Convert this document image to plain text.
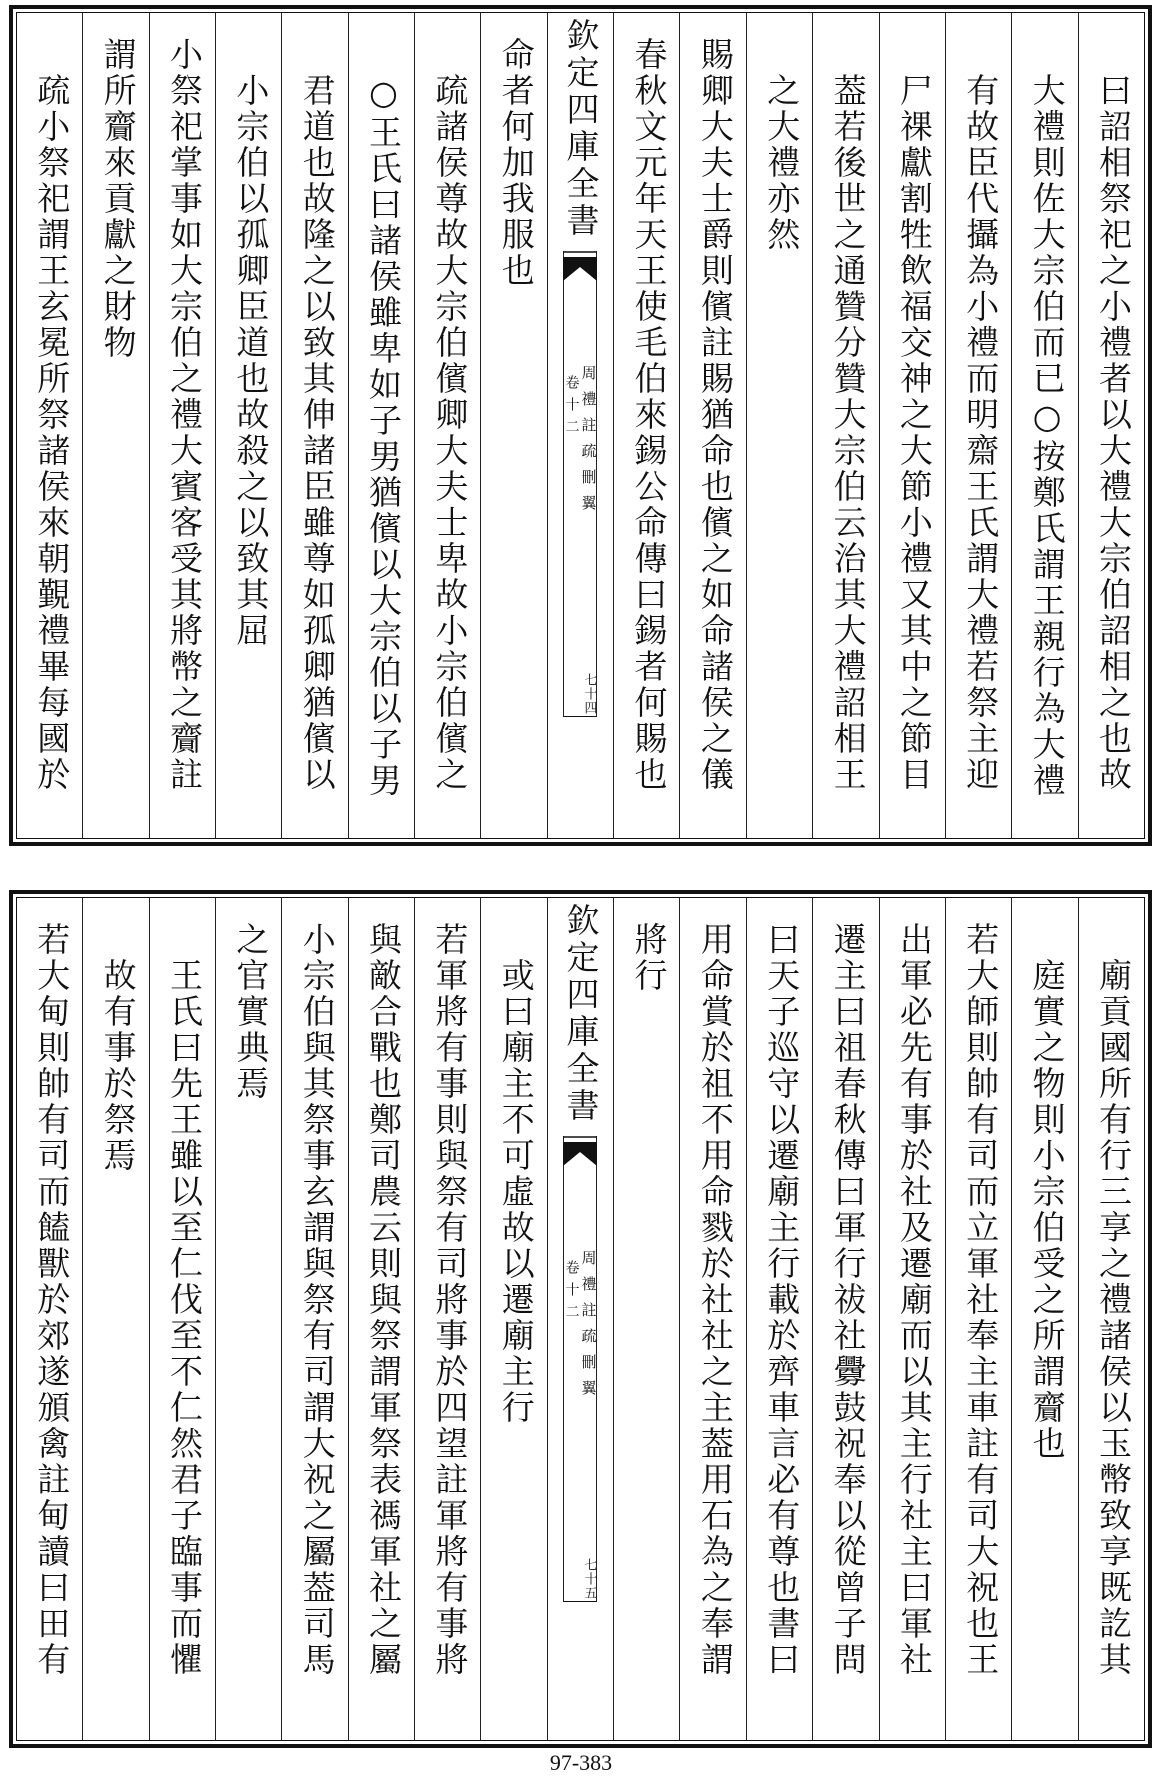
曰詔相祭祀之小禮者以大禮大宗伯詔相之也故
大禮則佐大宗伯而已○按鄭氏謂王親行為大禮
有故臣代攝為小禮而明齋王氏謂大禮若祭主迎
尸祼獻割牲飲福交神之大節小禮又其中之節目
葢若後世之通贊分贊大宗伯云治其大禮詔相王
之大禮亦然
賜卿大夫士爵則儐註賜猶命也儐之如命諸侯之儀
春秋文元年天王使毛伯來錫公命傳曰錫者何賜也
欽定四庫全書
周禮註疏刪翼
卷十二
七十四
命者何加我服也
疏諸侯尊故大宗伯儐卿大夫士卑故小宗伯儐之
○王氏曰諸侯雖卑如子男猶儐以大宗伯以子男
君道也故隆之以致其伸諸臣雖尊如孤卿猶儐以
小宗伯以孤卿臣道也故殺之以致其屈
小祭祀掌事如大宗伯之禮大賓客受其將幣之齎註
謂所齎來貢獻之財物
疏小祭祀謂王玄冕所祭諸侯來朝覲禮畢每國於
廟貢國所有行三享之禮諸侯以玉幣致享既訖其
庭實之物則小宗伯受之所謂齎也
若大師則帥有司而立軍社奉主車註有司大祝也王
出軍必先有事於社及遷廟而以其主行社主曰軍社
遷主曰祖春秋傳曰軍行祓社釁鼓祝奉以從曾子問
曰天子巡守以遷廟主行載於齊車言必有尊也書曰
用命賞於祖不用命戮於社社之主葢用石為之奉謂
將行
欽定四庫全書
周禮註疏刪翼
卷十二
七十五
或曰廟主不可虛故以遷廟主行
若軍將有事則與祭有司將事於四望註軍將有事將
與敵合戰也鄭司農云則與祭謂軍祭表禡軍社之屬
小宗伯與其祭事玄謂與祭有司謂大祝之屬葢司馬
之官實典焉
王氏曰先王雖以至仁伐至不仁然君子臨事而懼
故有事於祭焉
若大甸則帥有司而饁獸於郊遂頒禽註甸讀曰田有
97-383
